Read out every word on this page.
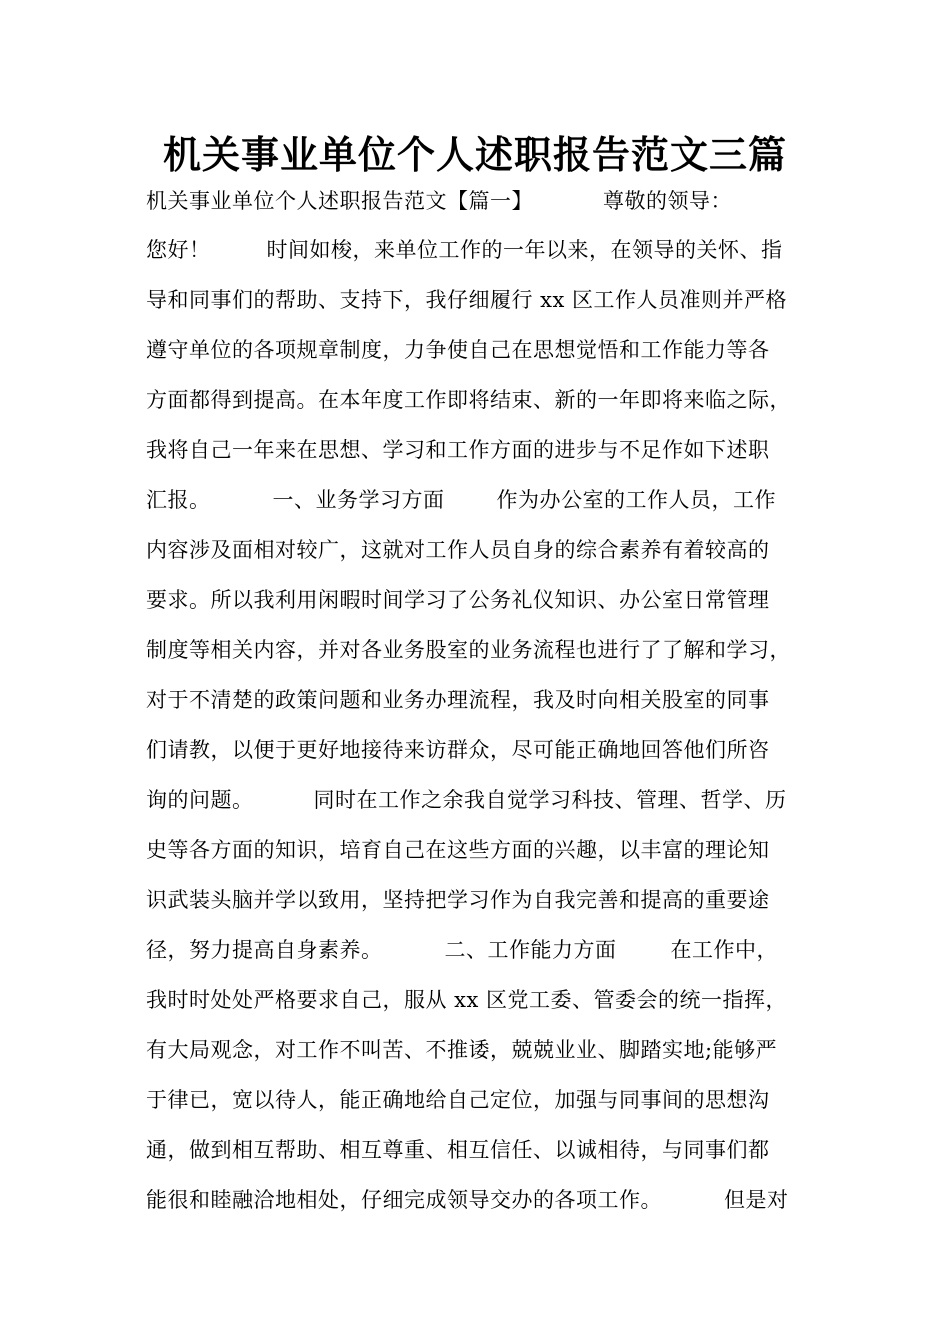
机关事业单位个人述职报告范文三篇
机关事业单位个人述职报告范文【篇一】	尊敬的领导：
您好！	时间如梭，来单位工作的一年以来，在领导的关怀、指
导和同事们的帮助、支持下，我仔细履行 xx 区工作人员准则并严格
遵守单位的各项规章制度，力争使自己在思想觉悟和工作能力等各
方面都得到提高。在本年度工作即将结束、新的一年即将来临之际，
我将自己一年来在思想、学习和工作方面的进步与不足作如下述职
汇报。	一、业务学习方面 作为办公室的工作人员，工作
内容涉及面相对较广，这就对工作人员自身的综合素养有着较高的
要求。所以我利用闲暇时间学习了公务礼仪知识、办公室日常管理
制度等相关内容，并对各业务股室的业务流程也进行了了解和学习，
对于不清楚的政策问题和业务办理流程，我及时向相关股室的同事
们请教，以便于更好地接待来访群众，尽可能正确地回答他们所咨
询的问题。	同时在工作之余我自觉学习科技、管理、哲学、历
史等各方面的知识，培育自己在这些方面的兴趣，以丰富的理论知
识武装头脑并学以致用，坚持把学习作为自我完善和提高的重要途
径，努力提高自身素养。	二、工作能力方面	在工作中，
我时时处处严格要求自己，服从 xx 区党工委、管委会的统一指挥，
有大局观念，对工作不叫苦、不推诿，兢兢业业、脚踏实地;能够严
于律已，宽以待人，能正确地给自己定位，加强与同事间的思想沟
通，做到相互帮助、相互尊重、相互信任、以诚相待，与同事们都
能很和睦融洽地相处，仔细完成领导交办的各项工作。	但是对
